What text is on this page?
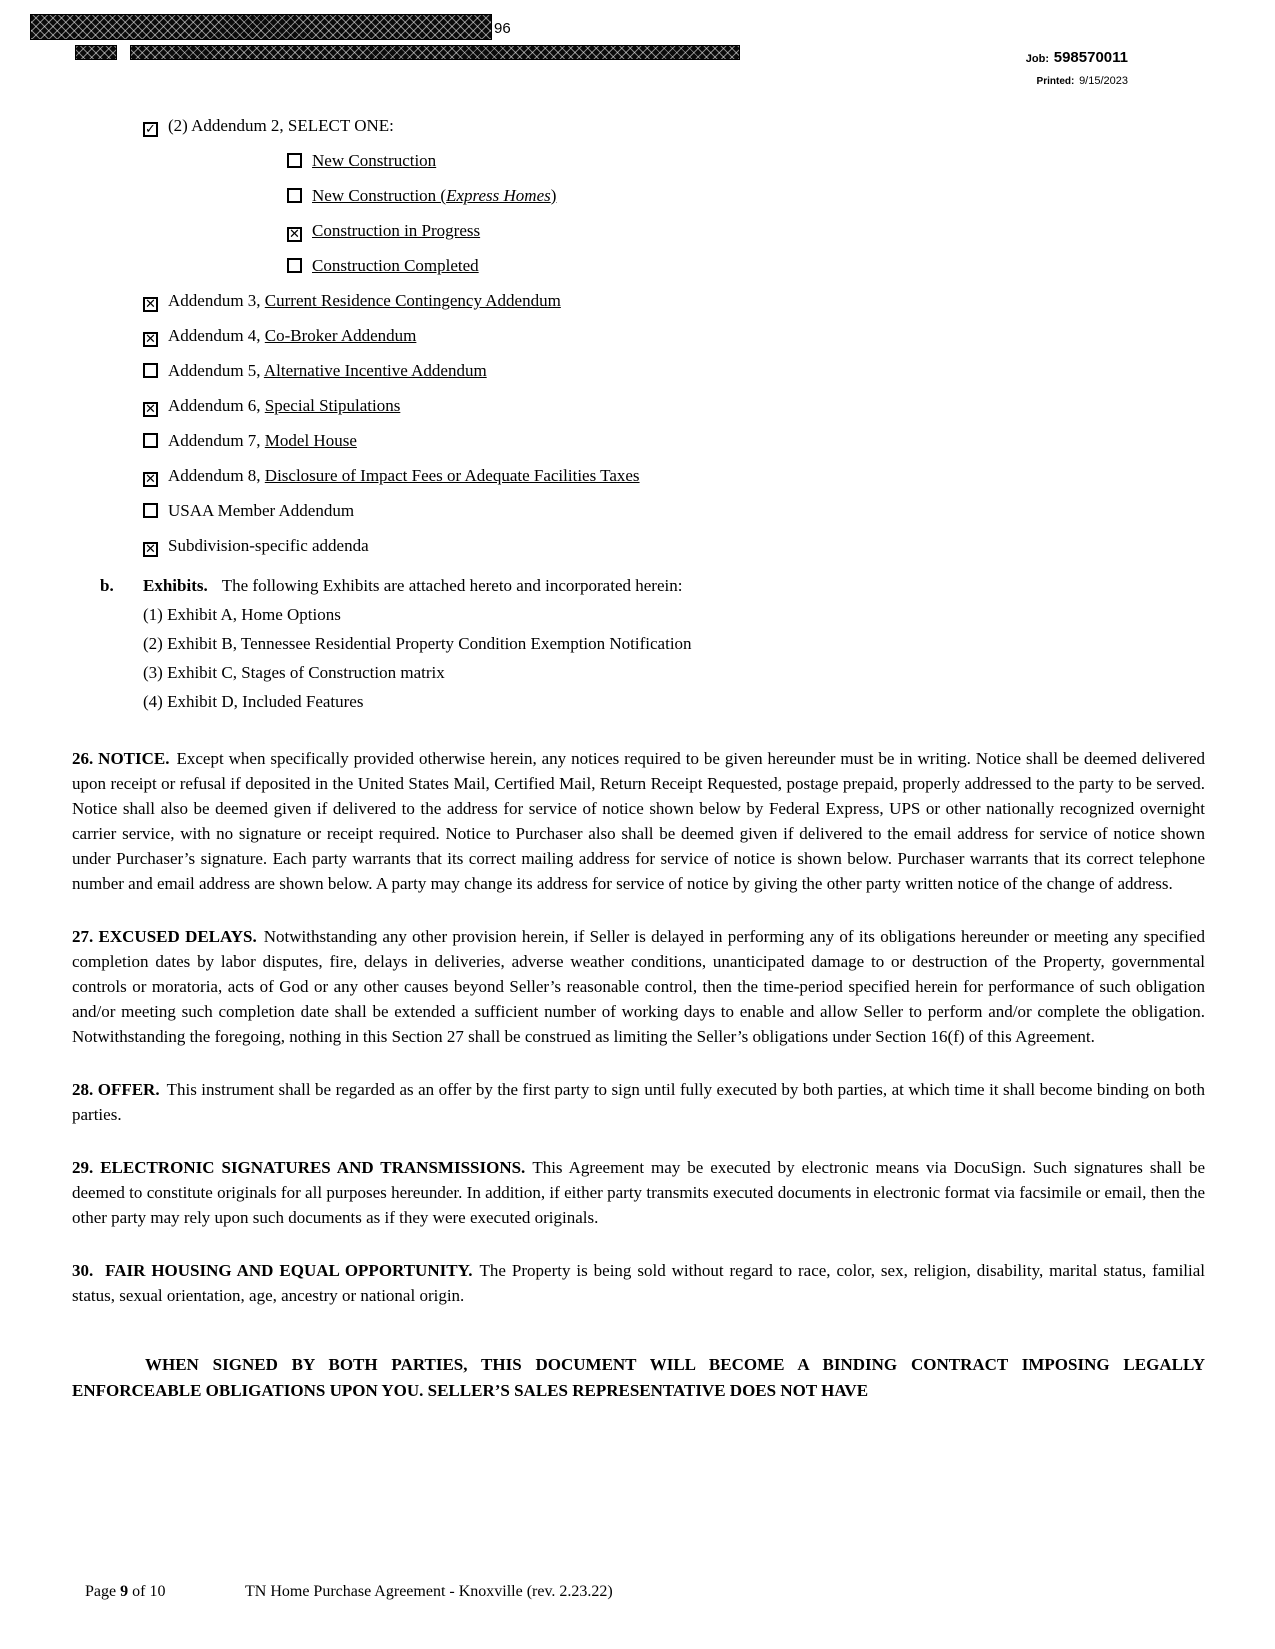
96
Job: 598570011
Printed: 9/15/2023
✓ (2) Addendum 2, SELECT ONE:
New Construction
New Construction (Express Homes)
✕ Construction in Progress
Construction Completed
✕ Addendum 3, Current Residence Contingency Addendum
✕ Addendum 4, Co-Broker Addendum
Addendum 5, Alternative Incentive Addendum
✕ Addendum 6, Special Stipulations
Addendum 7, Model House
✕ Addendum 8, Disclosure of Impact Fees or Adequate Facilities Taxes
USAA Member Addendum
✕ Subdivision-specific addenda
b. Exhibits. The following Exhibits are attached hereto and incorporated herein:
(1) Exhibit A, Home Options
(2) Exhibit B, Tennessee Residential Property Condition Exemption Notification
(3) Exhibit C, Stages of Construction matrix
(4) Exhibit D, Included Features

26. NOTICE. Except when specifically provided otherwise herein, any notices required to be given hereunder must be in writing. Notice shall be deemed delivered upon receipt or refusal if deposited in the United States Mail, Certified Mail, Return Receipt Requested, postage prepaid, properly addressed to the party to be served. Notice shall also be deemed given if delivered to the address for service of notice shown below by Federal Express, UPS or other nationally recognized overnight carrier service, with no signature or receipt required. Notice to Purchaser also shall be deemed given if delivered to the email address for service of notice shown under Purchaser’s signature. Each party warrants that its correct mailing address for service of notice is shown below. Purchaser warrants that its correct telephone number and email address are shown below. A party may change its address for service of notice by giving the other party written notice of the change of address.

27. EXCUSED DELAYS. Notwithstanding any other provision herein, if Seller is delayed in performing any of its obligations hereunder or meeting any specified completion dates by labor disputes, fire, delays in deliveries, adverse weather conditions, unanticipated damage to or destruction of the Property, governmental controls or moratoria, acts of God or any other causes beyond Seller’s reasonable control, then the time-period specified herein for performance of such obligation and/or meeting such completion date shall be extended a sufficient number of working days to enable and allow Seller to perform and/or complete the obligation. Notwithstanding the foregoing, nothing in this Section 27 shall be construed as limiting the Seller’s obligations under Section 16(f) of this Agreement.

28. OFFER. This instrument shall be regarded as an offer by the first party to sign until fully executed by both parties, at which time it shall become binding on both parties.

29. ELECTRONIC SIGNATURES AND TRANSMISSIONS. This Agreement may be executed by electronic means via DocuSign. Such signatures shall be deemed to constitute originals for all purposes hereunder. In addition, if either party transmits executed documents in electronic format via facsimile or email, then the other party may rely upon such documents as if they were executed originals.

30.  FAIR HOUSING AND EQUAL OPPORTUNITY. The Property is being sold without regard to race, color, sex, religion, disability, marital status, familial status, sexual orientation, age, ancestry or national origin.

WHEN SIGNED BY BOTH PARTIES, THIS DOCUMENT WILL BECOME A BINDING CONTRACT IMPOSING LEGALLY ENFORCEABLE OBLIGATIONS UPON YOU. SELLER’S SALES REPRESENTATIVE DOES NOT HAVE

Page 9 of 10	TN Home Purchase Agreement - Knoxville (rev. 2.23.22)
